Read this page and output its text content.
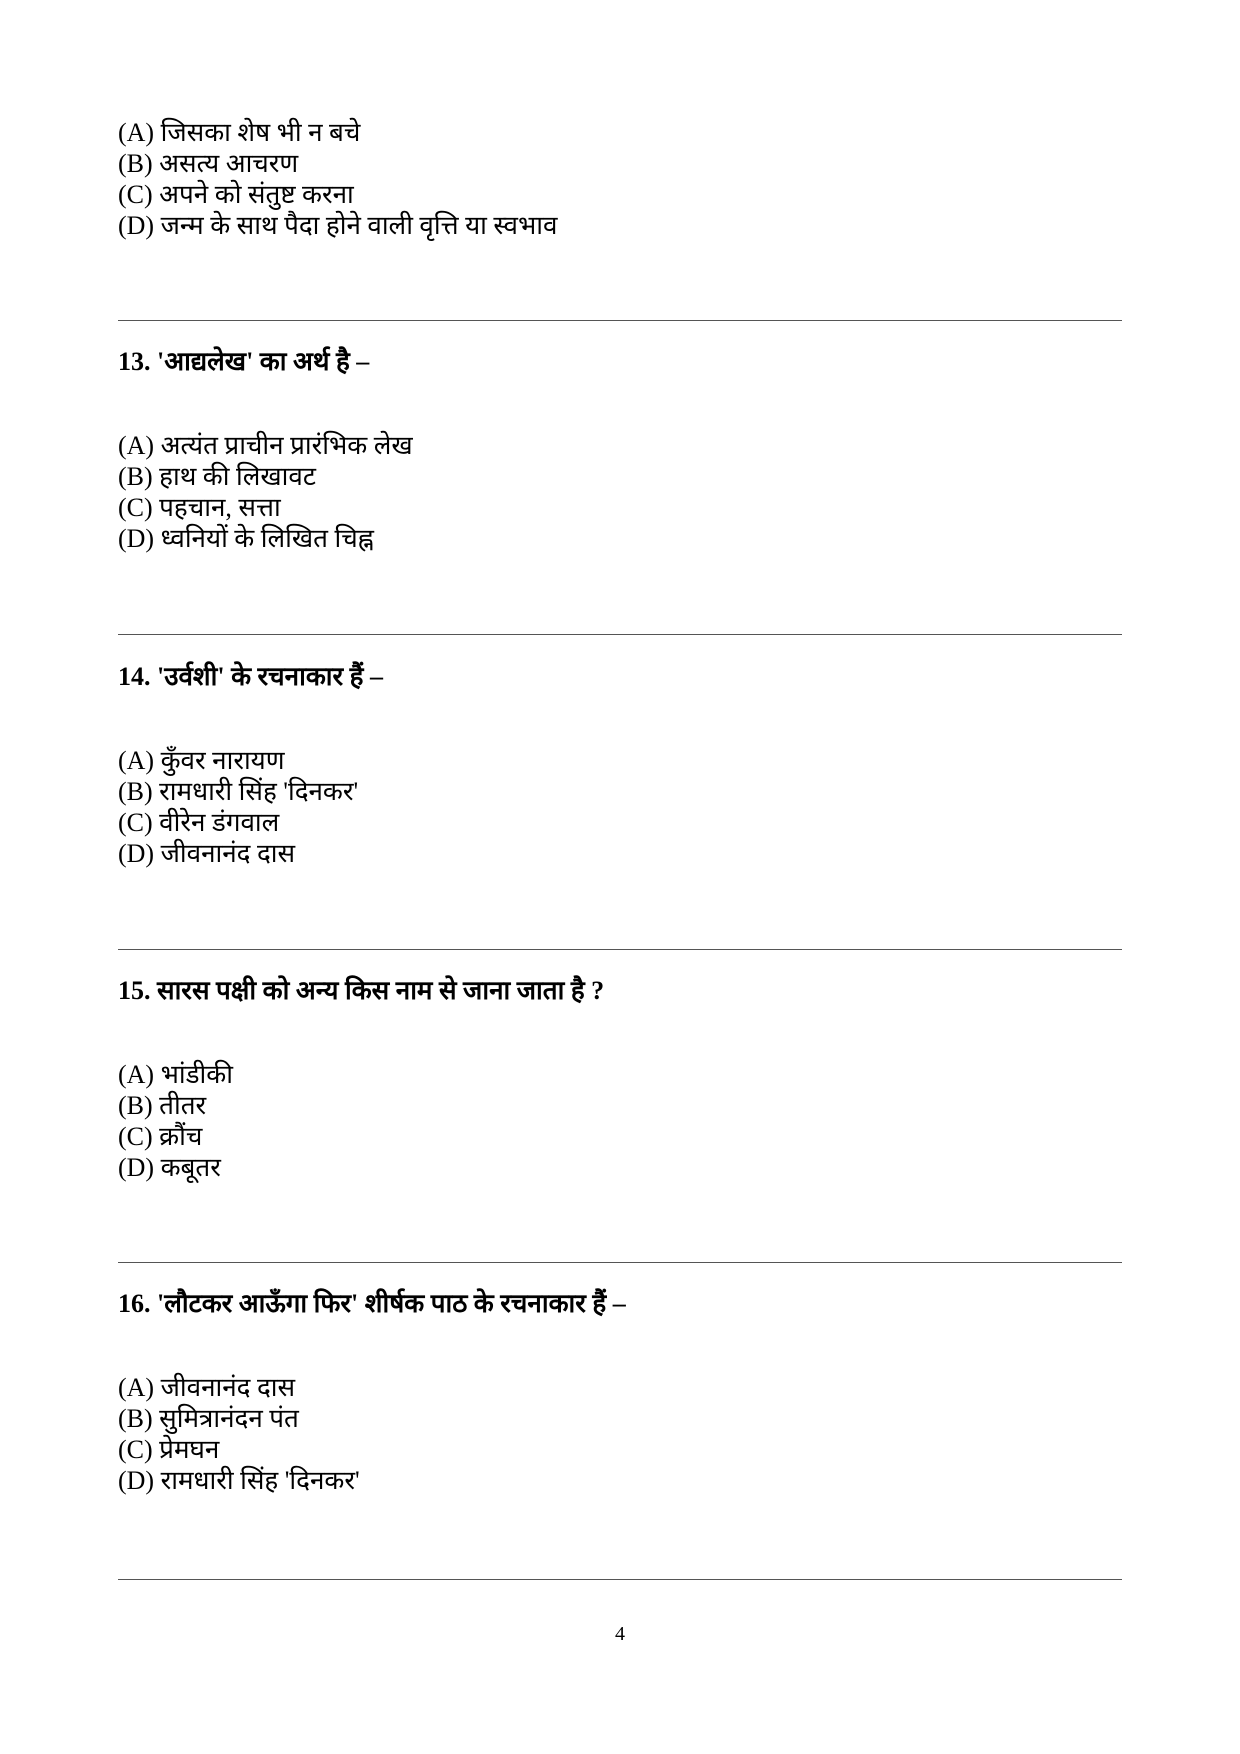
(A) जिसका शेष भी न बचे
(B) असत्य आचरण
(C) अपने को संतुष्ट करना
(D) जन्म के साथ पैदा होने वाली वृत्ति या स्वभाव

13. 'आद्यलेख' का अर्थ है –

(A) अत्यंत प्राचीन प्रारंभिक लेख
(B) हाथ की लिखावट
(C) पहचान, सत्ता
(D) ध्वनियों के लिखित चिह्न

14. 'उर्वशी' के रचनाकार हैं –

(A) कुँवर नारायण
(B) रामधारी सिंह 'दिनकर'
(C) वीरेन डंगवाल
(D) जीवनानंद दास

15. सारस पक्षी को अन्य किस नाम से जाना जाता है ?

(A) भांडीकी
(B) तीतर
(C) क्रौंच
(D) कबूतर

16. 'लौटकर आऊँगा फिर' शीर्षक पाठ के रचनाकार हैं –

(A) जीवनानंद दास
(B) सुमित्रानंदन पंत
(C) प्रेमघन
(D) रामधारी सिंह 'दिनकर'
4
